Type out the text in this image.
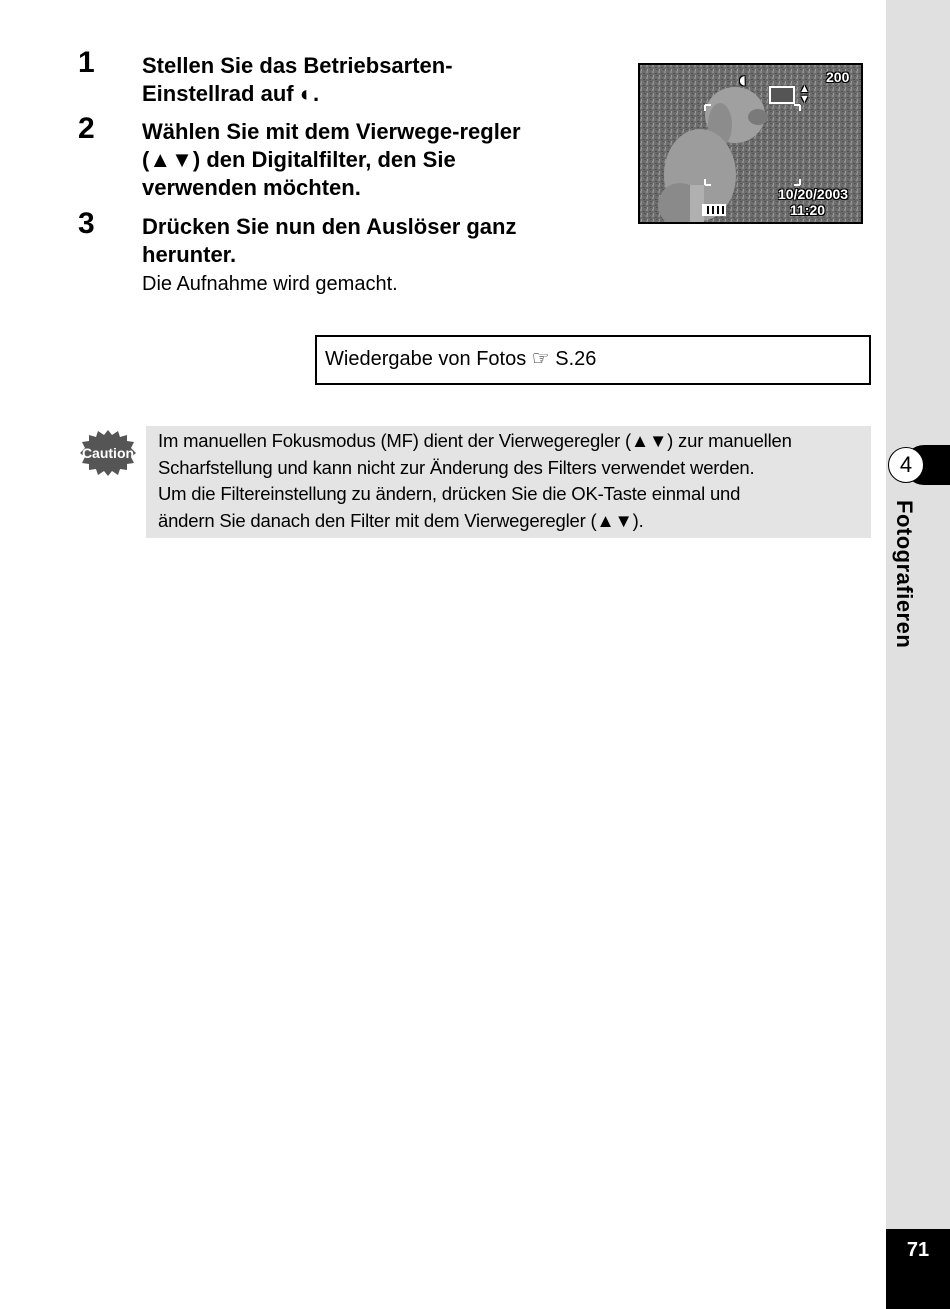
4
Fotografieren
71
1 Stellen Sie das Betriebsarten-Einstellrad auf ◐.
2 Wählen Sie mit dem Vierwege-regler (▲▼) den Digitalfilter, den Sie verwenden möchten.
3 Drücken Sie nun den Auslöser ganz herunter.
Die Aufnahme wird gemacht.
◐	200
▲
▼
10/20/2003
11:20
Wiedergabe von Fotos ☞ S.26
Caution

Im manuellen Fokusmodus (MF) dient der Vierwegeregler (▲▼) zur manuellen

Scharfstellung und kann nicht zur Änderung des Filters verwendet werden.

Um die Filtereinstellung zu ändern, drücken Sie die OK-Taste einmal und

ändern Sie danach den Filter mit dem Vierwegeregler (▲▼).
